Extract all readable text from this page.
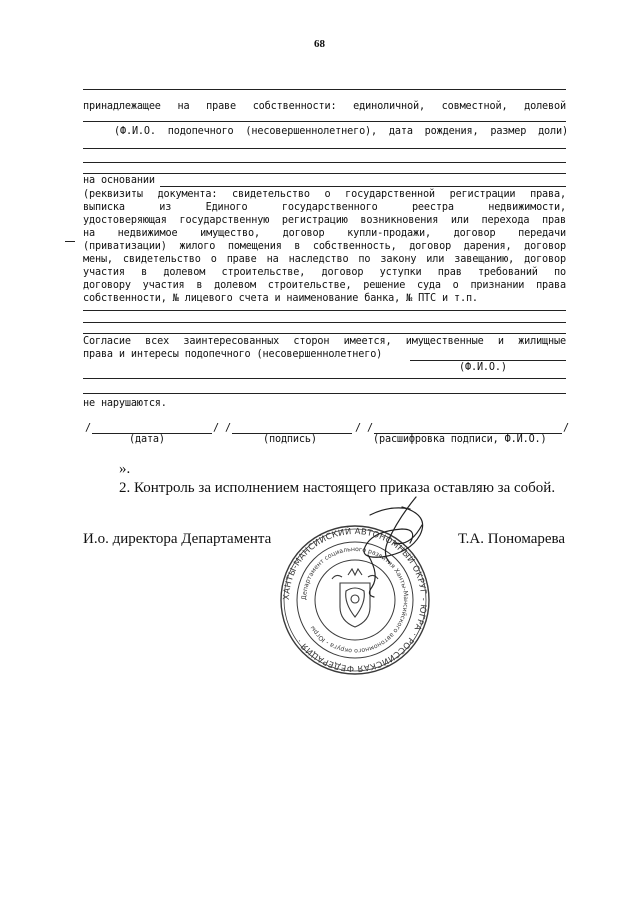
68
принадлежащее на праве собственности: единоличной, совместной, долевой
(Ф.И.О. подопечного (несовершеннолетнего), дата рождения, размер доли)
на основании
(реквизиты документа: свидетельство о государственной регистрации права,
выписка из Единого государственного реестра недвижимости,
удостоверяющая государственную регистрацию возникновения или перехода прав
на недвижимое имущество, договор купли-продажи, договор передачи
(приватизации) жилого помещения в собственность, договор дарения, договор
мены, свидетельство о праве на наследство по закону или завещанию, договор
участия в долевом строительстве, договор уступки прав требований по
договору участия в долевом строительстве, решение суда о признании права
собственности, № лицевого счета и наименование банка, № ПТС и т.п.
Согласие всех заинтересованных сторон имеется, имущественные и жилищные
права и интересы подопечного (несовершеннолетнего)
(Ф.И.О.)
не нарушаются.
/	/ /	/ /	/
(дата)	(подпись)	(расшифровка подписи, Ф.И.О.)
».
2. Контроль за исполнением настоящего приказа оставляю за собой.
И.о. директора Департамента	Т.А. Пономарева
ХАНТЫ-МАНСИЙСКИЙ АВТОНОМНЫЙ ОКРУГ - ЮГРА · РОССИЙСКАЯ ФЕДЕРАЦИЯ ·
Департамент социального развития Ханты-Мансийского автономного округа - Югры
